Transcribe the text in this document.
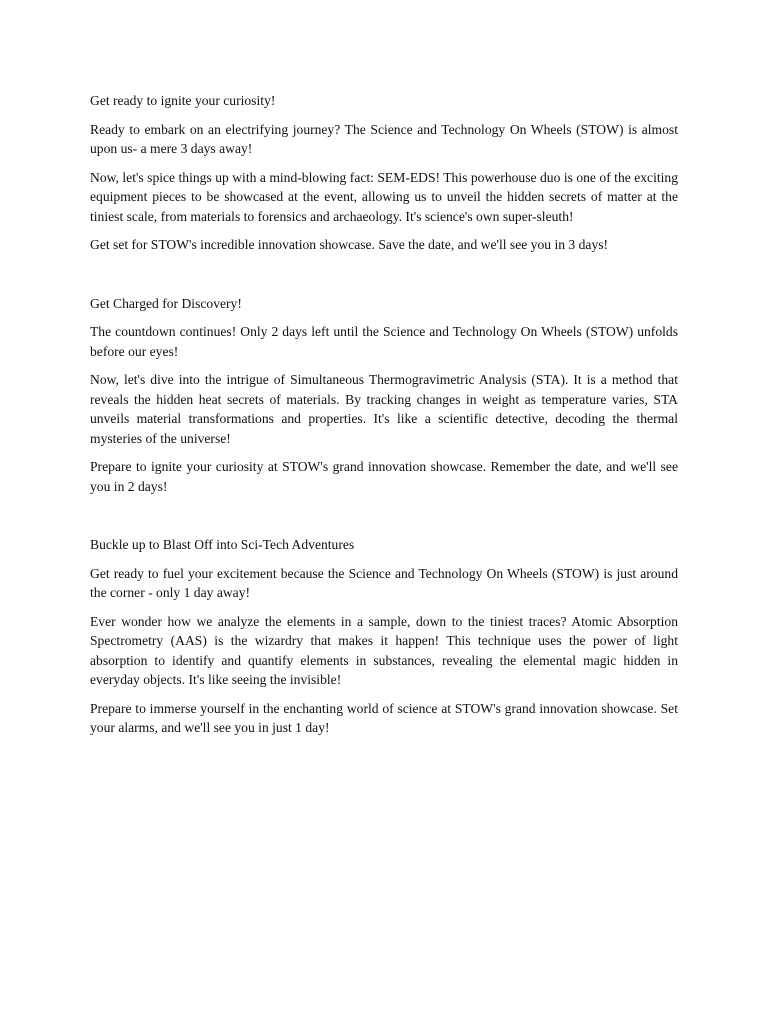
Get ready to ignite your curiosity!

Ready to embark on an electrifying journey? The Science and Technology On Wheels (STOW) is almost upon us- a mere 3 days away!

Now, let's spice things up with a mind-blowing fact: SEM-EDS! This powerhouse duo is one of the exciting equipment pieces to be showcased at the event, allowing us to unveil the hidden secrets of matter at the tiniest scale, from materials to forensics and archaeology. It's science's own super-sleuth!

Get set for STOW's incredible innovation showcase. Save the date, and we'll see you in 3 days!

Get Charged for Discovery!

The countdown continues! Only 2 days left until the Science and Technology On Wheels (STOW) unfolds before our eyes!

Now, let's dive into the intrigue of Simultaneous Thermogravimetric Analysis (STA). It is a method that reveals the hidden heat secrets of materials. By tracking changes in weight as temperature varies, STA unveils material transformations and properties. It's like a scientific detective, decoding the thermal mysteries of the universe!

Prepare to ignite your curiosity at STOW's grand innovation showcase. Remember the date, and we'll see you in 2 days!

Buckle up to Blast Off into Sci-Tech Adventures

Get ready to fuel your excitement because the Science and Technology On Wheels (STOW) is just around the corner - only 1 day away!

Ever wonder how we analyze the elements in a sample, down to the tiniest traces? Atomic Absorption Spectrometry (AAS) is the wizardry that makes it happen! This technique uses the power of light absorption to identify and quantify elements in substances, revealing the elemental magic hidden in everyday objects. It's like seeing the invisible!

Prepare to immerse yourself in the enchanting world of science at STOW's grand innovation showcase. Set your alarms, and we'll see you in just 1 day!
